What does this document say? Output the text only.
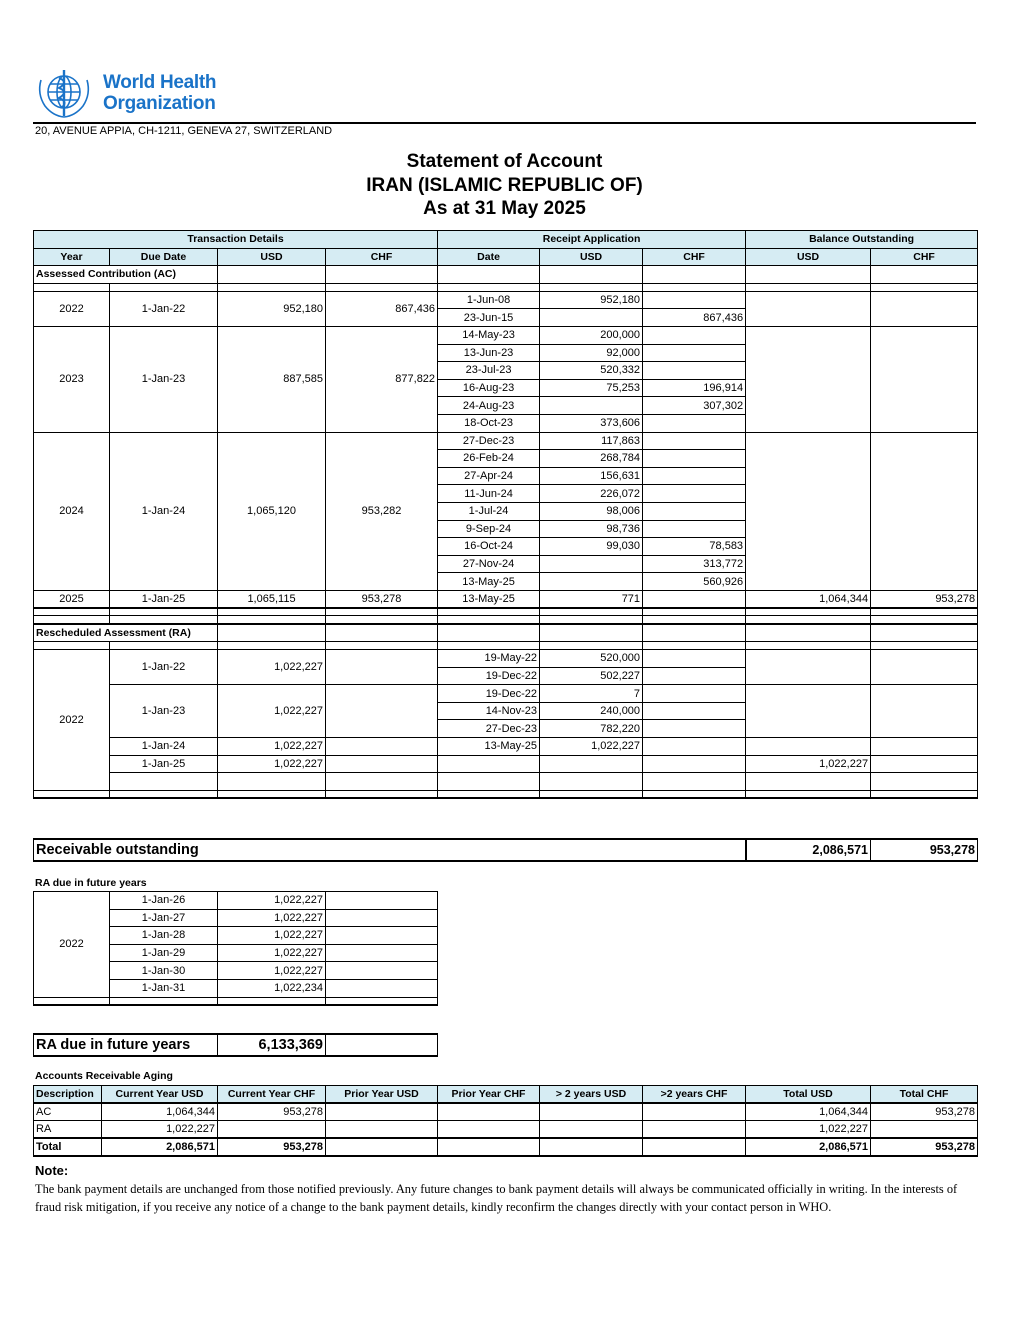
World Health
Organization
20, AVENUE APPIA, CH-1211, GENEVA 27, SWITZERLAND
Statement of Account
IRAN (ISLAMIC REPUBLIC OF)
As at 31 May 2025
Transaction Details				Receipt Application			Balance Outstanding	
Year	Due Date	USD	CHF	Date	USD	CHF	USD	CHF
Assessed Contribution (AC)								

2022	1-Jan-22	952,180	867,436	1-Jun-08	952,180			
				23-Jun-15		867,436		
2023	1-Jan-23	887,585	877,822	14-May-23	200,000			
				13-Jun-23	92,000			
				23-Jul-23	520,332			
				16-Aug-23	75,253	196,914		
				24-Aug-23		307,302		
				18-Oct-23	373,606			
2024	1-Jan-24	1,065,120	953,282	27-Dec-23	117,863			
				26-Feb-24	268,784			
				27-Apr-24	156,631			
				11-Jun-24	226,072			
				1-Jul-24	98,006			
				9-Sep-24	98,736			
				16-Oct-24	99,030	78,583		
				27-Nov-24		313,772		
				13-May-25		560,926		
2025	1-Jan-25	1,065,115	953,278	13-May-25	771		1,064,344	953,278

Rescheduled Assessment (RA)								

2022	1-Jan-22	1,022,227		19-May-22	520,000			
				19-Dec-22	502,227			
	1-Jan-23	1,022,227		19-Dec-22	7			
				14-Nov-23	240,000			
				27-Dec-23	782,220			
	1-Jan-24	1,022,227		13-May-25	1,022,227			
	1-Jan-25	1,022,227					1,022,227	

Receivable outstanding	2,086,571	953,278
RA due in future years
2022	1-Jan-26	1,022,227	
	1-Jan-27	1,022,227	
	1-Jan-28	1,022,227	
	1-Jan-29	1,022,227	
	1-Jan-30	1,022,227	
	1-Jan-31	1,022,234	

RA due in future years	6,133,369	
Accounts Receivable Aging
Description	Current Year USD	Current Year CHF	Prior Year USD	Prior Year CHF	> 2 years USD	>2 years CHF	Total USD	Total CHF
AC	1,064,344	953,278					1,064,344	953,278
RA	1,022,227						1,022,227	
Total	2,086,571	953,278					2,086,571	953,278
Note:
The bank payment details are unchanged from those notified previously. Any future changes to bank payment details will always be communicated officially in writing. In the interests of fraud risk mitigation, if you receive any notice of a change to the bank payment details, kindly reconfirm the changes directly with your contact person in WHO.
